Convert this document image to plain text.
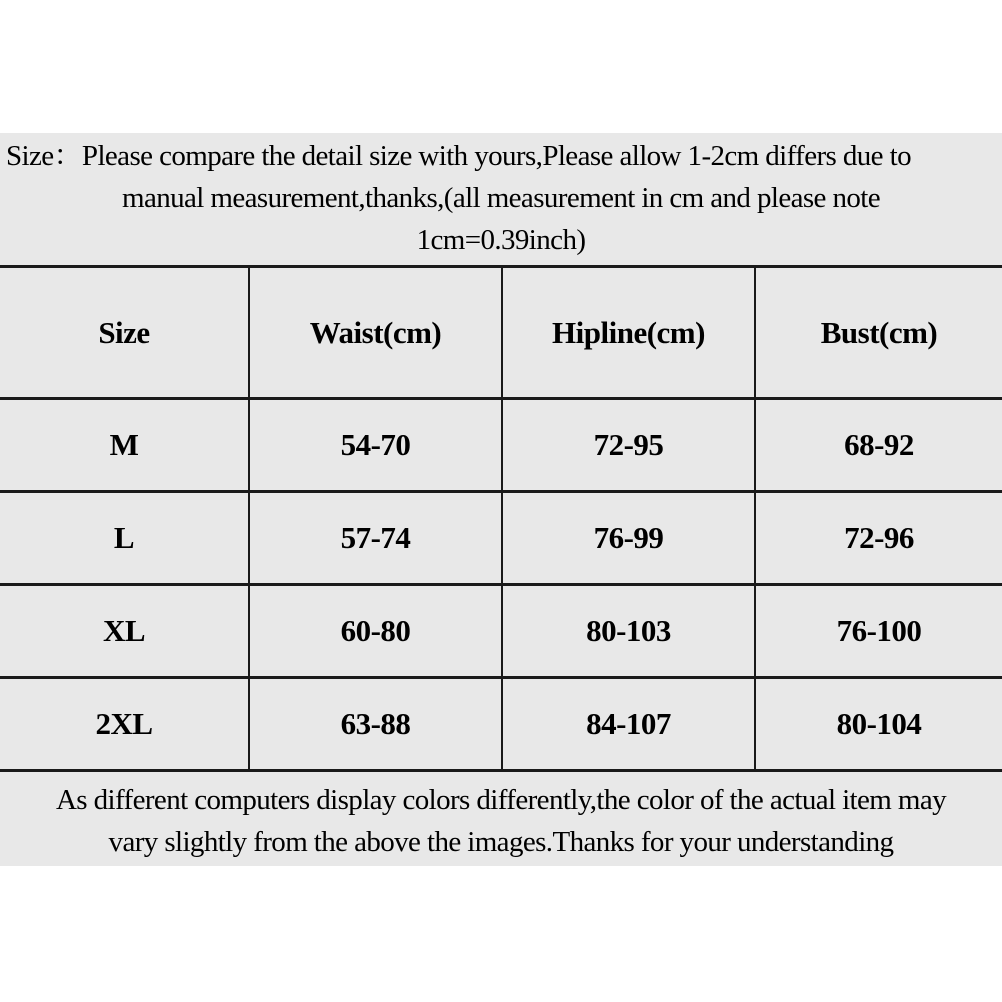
Size：Please compare the detail size with yours,Please allow 1-2cm differs due to
manual measurement,thanks,(all measurement in cm and please note
1cm=0.39inch)
Size	Waist(cm)	Hipline(cm)	Bust(cm)
M	54-70	72-95	68-92
L	57-74	76-99	72-96
XL	60-80	80-103	76-100
2XL	63-88	84-107	80-104
As different computers display colors differently,the color of the actual item may
vary slightly from the above the images.Thanks for your understanding
